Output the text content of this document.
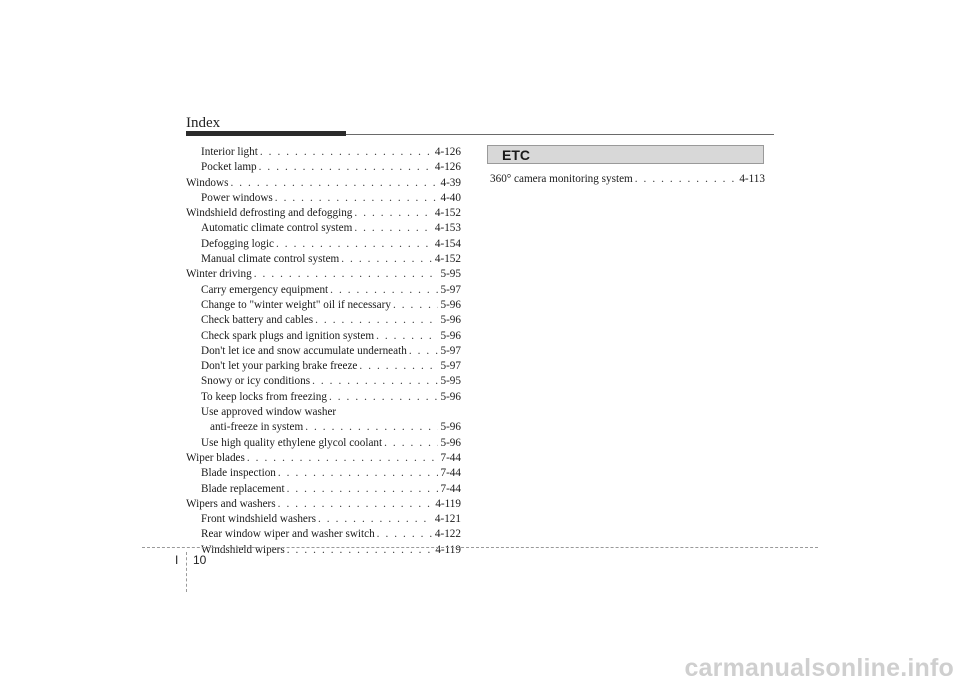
Index
Interior light . . .	4-126
Pocket lamp . . .	4-126
Windows . . .	4-39
Power windows . . .	4-40
Windshield defrosting and defogging . . .	4-152
Automatic climate control system . . .	4-153
Defogging logic . . .	4-154
Manual climate control system . . .	4-152
Winter driving . . .	5-95
Carry emergency equipment . . .	5-97
Change to "winter weight" oil if necessary . . .	5-96
Check battery and cables . . .	5-96
Check spark plugs and ignition system . . .	5-96
Don't let ice and snow accumulate underneath . . .	5-97
Don't let your parking brake freeze . . .	5-97
Snowy or icy conditions . . .	5-95
To keep locks from freezing . . .	5-96
Use approved window washer
anti-freeze in system . . .	5-96
Use high quality ethylene glycol coolant . . .	5-96
Wiper blades . . .	7-44
Blade inspection . . .	7-44
Blade replacement . . .	7-44
Wipers and washers . . .	4-119
Front windshield washers . . .	4-121
Rear window wiper and washer switch . . .	4-122
Windshield wipers . . .	4-119
ETC
360° camera monitoring system . . .	4-113
I 10
carmanualsonline.info
